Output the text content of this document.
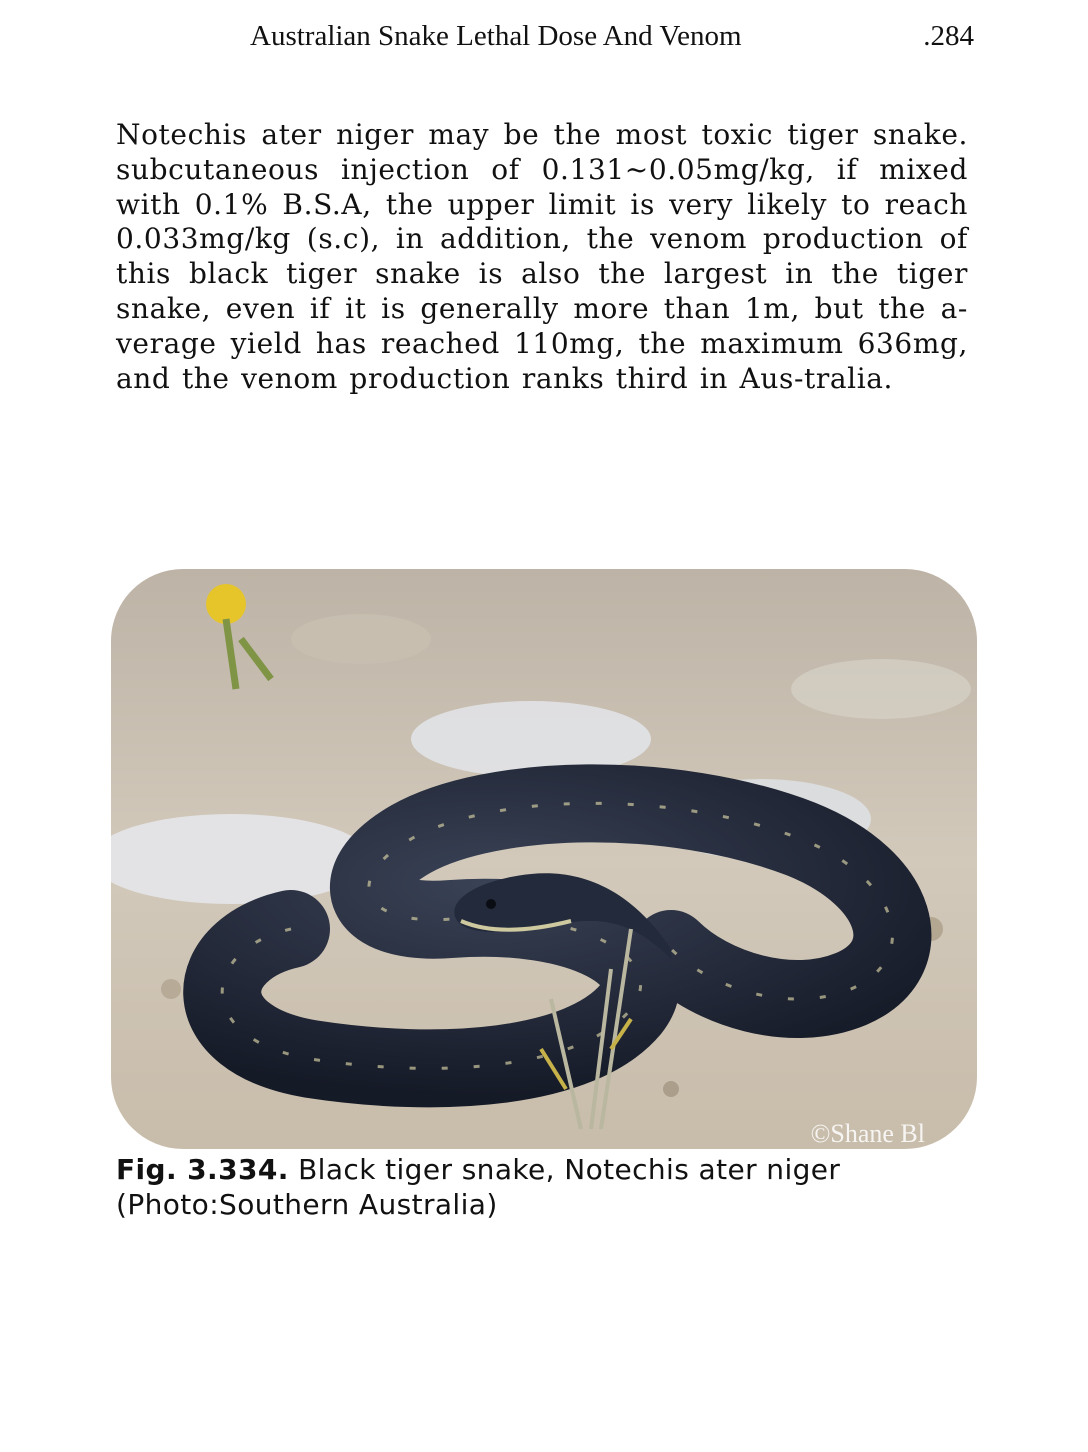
Australian Snake Lethal Dose And Venom	.284

Notechis ater niger may be the most toxic tiger snake. subcutaneous injection of 0.131~0.05mg/kg, if mixed with 0.1% B.S.A, the upper limit is very likely to reach 0.033mg/kg (s.c), in addition, the venom production of this black tiger snake is also the largest in the tiger snake, even if it is generally more than 1m, but the a-verage yield has reached 110mg, the maximum 636mg, and the venom production ranks third in Aus-tralia.

©Shane Bl
Fig. 3.334. Black tiger snake, Notechis ater niger
(Photo:Southern Australia)
